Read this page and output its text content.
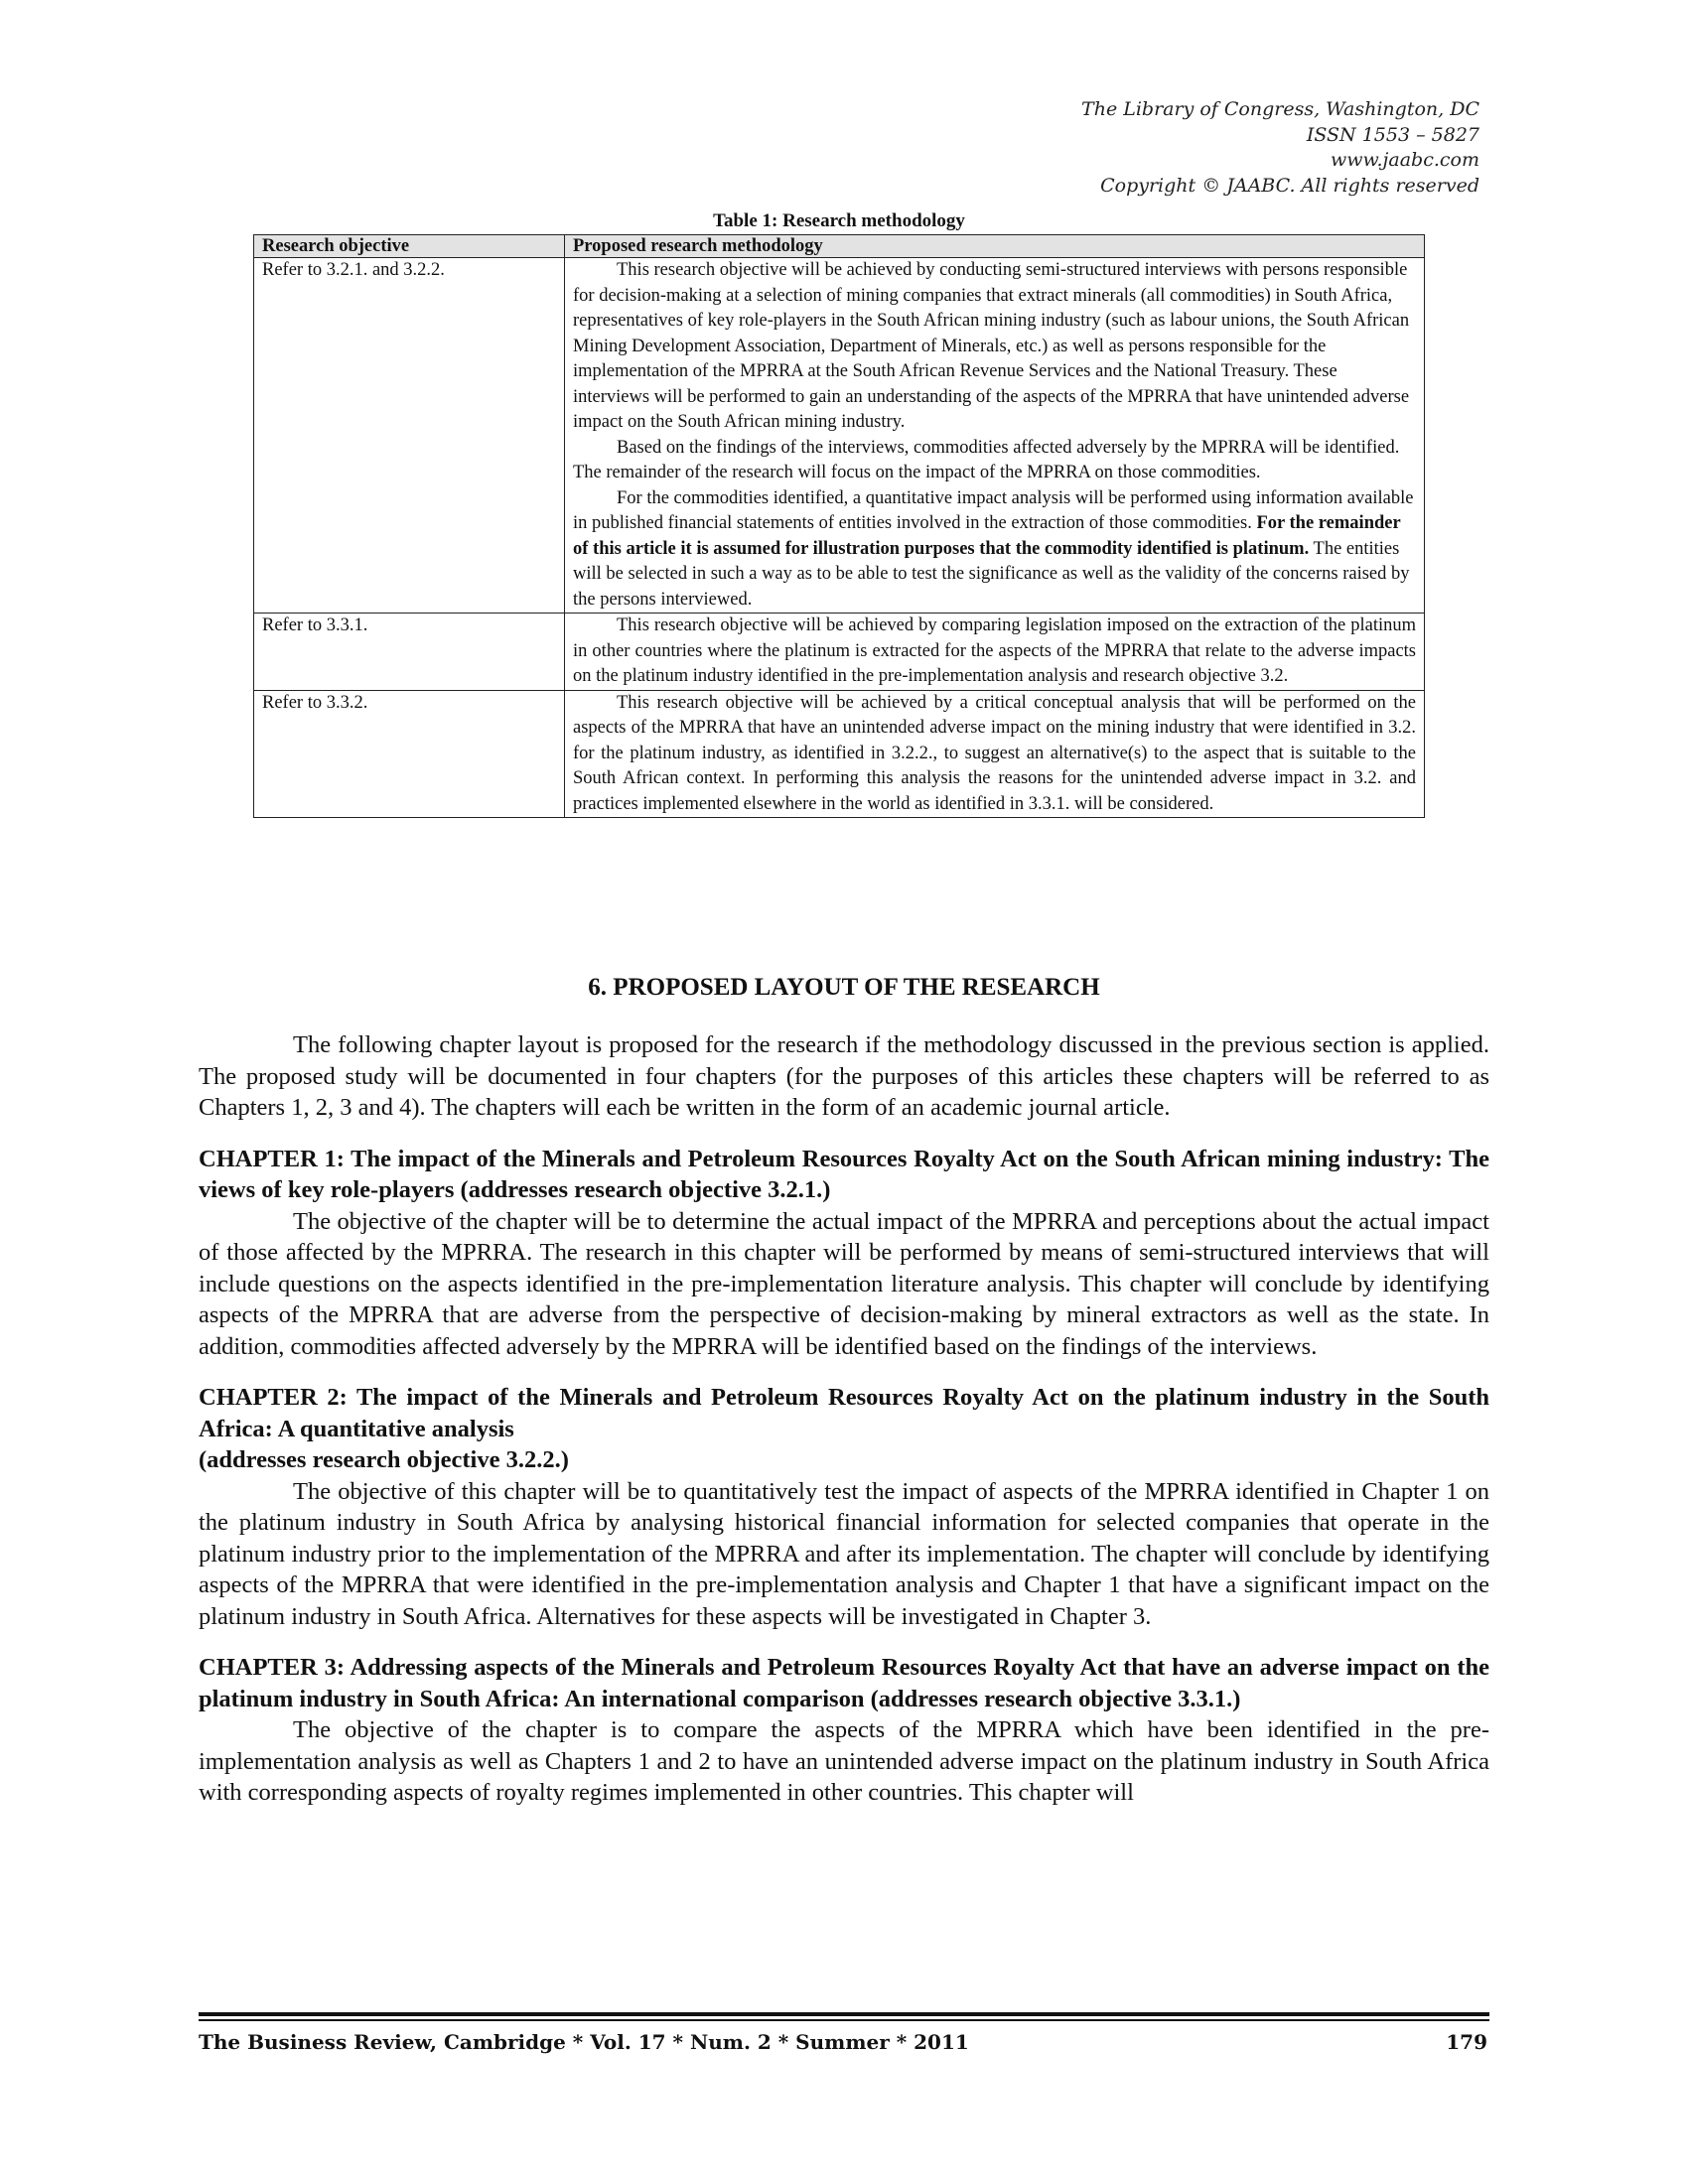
The Library of Congress, Washington, DC
ISSN 1553 – 5827
www.jaabc.com
Copyright © JAABC. All rights reserved
Table 1: Research methodology
Research objective	Proposed research methodology
Refer to 3.2.1. and 3.2.2.	This research objective will be achieved by conducting semi-structured interviews with persons responsible for decision-making at a selection of mining companies that extract minerals (all commodities) in South Africa, representatives of key role-players in the South African mining industry (such as labour unions, the South African Mining Development Association, Department of Minerals, etc.) as well as persons responsible for the implementation of the MPRRA at the South African Revenue Services and the National Treasury. These interviews will be performed to gain an understanding of the aspects of the MPRRA that have unintended adverse impact on the South African mining industry.

Based on the findings of the interviews, commodities affected adversely by the MPRRA will be identified. The remainder of the research will focus on the impact of the MPRRA on those commodities.

For the commodities identified, a quantitative impact analysis will be performed using information available in published financial statements of entities involved in the extraction of those commodities. For the remainder of this article it is assumed for illustration purposes that the commodity identified is platinum. The entities will be selected in such a way as to be able to test the significance as well as the validity of the concerns raised by the persons interviewed.

Refer to 3.3.1.	This research objective will be achieved by comparing legislation imposed on the extraction of the platinum in other countries where the platinum is extracted for the aspects of the MPRRA that relate to the adverse impacts on the platinum industry identified in the pre-implementation analysis and research objective 3.2.

Refer to 3.3.2.	This research objective will be achieved by a critical conceptual analysis that will be performed on the aspects of the MPRRA that have an unintended adverse impact on the mining industry that were identified in 3.2. for the platinum industry, as identified in 3.2.2., to suggest an alternative(s) to the aspect that is suitable to the South African context. In performing this analysis the reasons for the unintended adverse impact in 3.2. and practices implemented elsewhere in the world as identified in 3.3.1. will be considered.

6. PROPOSED LAYOUT OF THE RESEARCH

The following chapter layout is proposed for the research if the methodology discussed in the previous section is applied. The proposed study will be documented in four chapters (for the purposes of this articles these chapters will be referred to as Chapters 1, 2, 3 and 4). The chapters will each be written in the form of an academic journal article.

CHAPTER 1: The impact of the Minerals and Petroleum Resources Royalty Act on the South African mining industry: The views of key role-players (addresses research objective 3.2.1.)

The objective of the chapter will be to determine the actual impact of the MPRRA and perceptions about the actual impact of those affected by the MPRRA. The research in this chapter will be performed by means of semi-structured interviews that will include questions on the aspects identified in the pre-implementation literature analysis. This chapter will conclude by identifying aspects of the MPRRA that are adverse from the perspective of decision-making by mineral extractors as well as the state. In addition, commodities affected adversely by the MPRRA will be identified based on the findings of the interviews.

CHAPTER 2: The impact of the Minerals and Petroleum Resources Royalty Act on the platinum industry in the South Africa: A quantitative analysis
(addresses research objective 3.2.2.)

The objective of this chapter will be to quantitatively test the impact of aspects of the MPRRA identified in Chapter 1 on the platinum industry in South Africa by analysing historical financial information for selected companies that operate in the platinum industry prior to the implementation of the MPRRA and after its implementation. The chapter will conclude by identifying aspects of the MPRRA that were identified in the pre-implementation analysis and Chapter 1 that have a significant impact on the platinum industry in South Africa. Alternatives for these aspects will be investigated in Chapter 3.

CHAPTER 3: Addressing aspects of the Minerals and Petroleum Resources Royalty Act that have an adverse impact on the platinum industry in South Africa: An international comparison (addresses research objective 3.3.1.)

The objective of the chapter is to compare the aspects of the MPRRA which have been identified in the pre-implementation analysis as well as Chapters 1 and 2 to have an unintended adverse impact on the platinum industry in South Africa with corresponding aspects of royalty regimes implemented in other countries. This chapter will

The Business Review, Cambridge * Vol. 17 * Num. 2 * Summer * 2011	179
